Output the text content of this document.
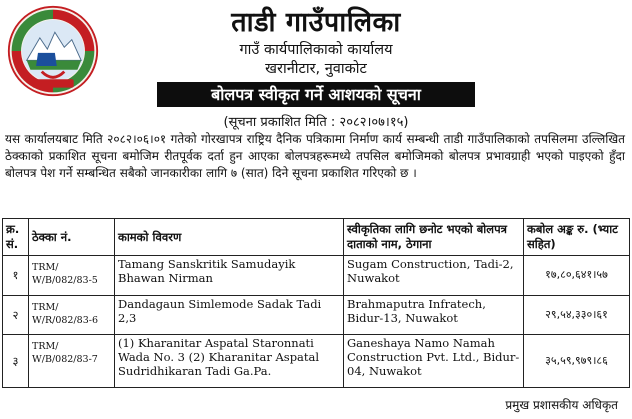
ताडी गाउँपालिका
गाउँ कार्यपालिकाको कार्यालय
खरानीटार, नुवाकोट
बोलपत्र स्वीकृत गर्ने आशयको सूचना
(सूचना प्रकाशित मिति : २०८२।०७।१५)
यस कार्यालयबाट मिति २०८२।०६।०१ गतेको गोरखापत्र राष्ट्रिय दैनिक पत्रिकामा निर्माण कार्य सम्बन्धी ताडी गाउँपालिकाको तपसिलमा उल्लिखित ठेक्काको प्रकाशित सूचना बमोजिम रीतपूर्वक दर्ता हुन आएका बोलपत्रहरूमध्ये तपसिल बमोजिमको बोलपत्र प्रभावग्राही भएको पाइएको हुँदा बोलपत्र पेश गर्ने सम्बन्धित सबैको जानकारीका लागि ७ (सात) दिने सूचना प्रकाशित गरिएको छ ।
क्र. सं.	ठेक्का नं.	कामको विवरण	स्वीकृतिका लागि छनोट भएको बोलपत्र दाताको नाम, ठेगाना	कबोल अङ्क रु. (भ्याट सहित)
१	TRM/ W/B/082/83-5	Tamang Sanskritik Samudayik Bhawan Nirman	Sugam Construction, Tadi-2, Nuwakot	१७,८०,६४१।५७
२	TRM/ W/R/082/83-6	Dandagaun Simlemode Sadak Tadi 2,3	Brahmaputra Infratech, Bidur-13, Nuwakot	२९,५४,३३०।६१
३	TRM/ W/B/082/83-7	(1) Kharanitar Aspatal Staronnati Wada No. 3 (2) Kharanitar Aspatal Sudridhikaran Tadi Ga.Pa.	Ganeshaya Namo Namah Construction Pvt. Ltd., Bidur-04, Nuwakot	३५,५९,९७९।८६
प्रमुख प्रशासकीय अधिकृत
